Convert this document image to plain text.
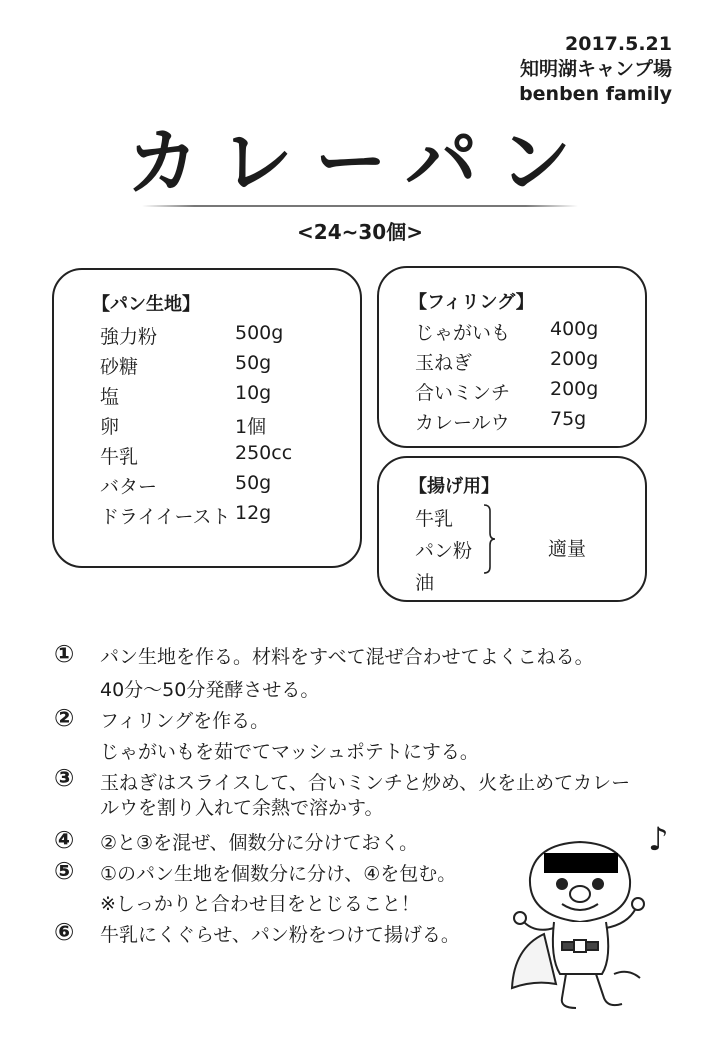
2017.5.21
知明湖キャンプ場
benben family
カレーパン
<24~30個>
【パン生地】
強力粉	500g
砂糖	50g
塩	10g
卵	1個
牛乳	250cc
バター	50g
ドライイースト 12g
【フィリング】
じゃがいも 400g
玉ねぎ	200g
合いミンチ 200g
カレールウ 75g
【揚げ用】
牛乳
パン粉
油
適量
① パン生地を作る。材料をすべて混ぜ合わせてよくこねる。
40分～50分発酵させる。
② フィリングを作る。
じゃがいもを茹でてマッシュポテトにする。
③ 玉ねぎはスライスして、合いミンチと炒め、火を止めてカレー
ルウを割り入れて余熱で溶かす。
④ ②と③を混ぜ、個数分に分けておく。
⑤ ①のパン生地を個数分に分け、④を包む。
※しっかりと合わせ目をとじること！
⑥ 牛乳にくぐらせ、パン粉をつけて揚げる。
♪
